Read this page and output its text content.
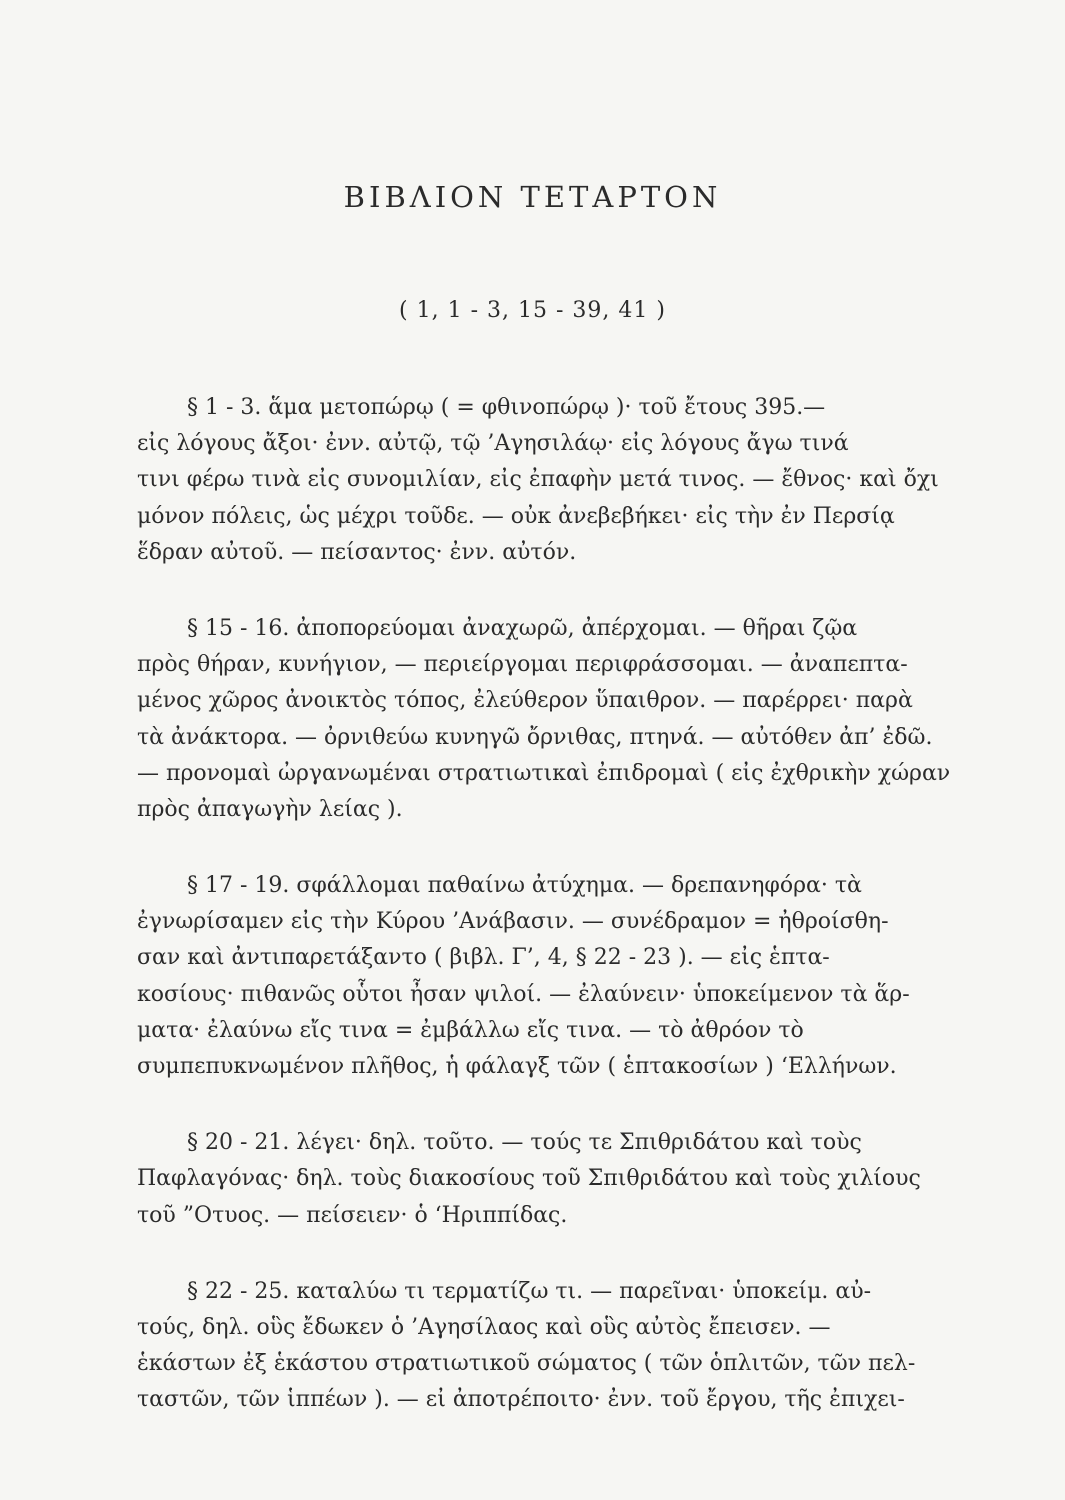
ΒΙΒΛΙΟΝ ΤΕΤΑΡΤΟΝ
( 1, 1 - 3, 15 - 39, 41 )
§ 1 - 3. ἅμα μετοπώρῳ ( = φθινοπώρῳ )· τοῦ ἔτους 395.—
εἰς λόγους ἄξοι· ἐνν. αὐτῷ, τῷ ’Αγησιλάῳ· εἰς λόγους ἄγω τινά
τινι φέρω τινὰ εἰς συνομιλίαν, εἰς ἐπαφὴν μετά τινος. — ἔθνος· καὶ ὄχι
μόνον πόλεις, ὡς μέχρι τοῦδε. — οὐκ ἀνεβεβήκει· εἰς τὴν ἐν Περσίᾳ
ἕδραν αὐτοῦ. — πείσαντος· ἐνν. αὐτόν.
§ 15 - 16. ἀποπορεύομαι ἀναχωρῶ, ἀπέρχομαι. — θῆραι ζῷα
πρὸς θήραν, κυνήγιον, — περιείργομαι περιφράσσομαι. — ἀναπεπτα-
μένος χῶρος ἀνοικτὸς τόπος, ἐλεύθερον ὕπαιθρον. — παρέρρει· παρὰ
τὰ ἀνάκτορα. — ὀρνιθεύω κυνηγῶ ὄρνιθας, πτηνά. — αὐτόθεν ἀπ’ ἐδῶ.
— προνομαὶ ὠργανωμέναι στρατιωτικαὶ ἐπιδρομαὶ ( εἰς ἐχθρικὴν χώραν
πρὸς ἀπαγωγὴν λείας ).
§ 17 - 19. σφάλλομαι παθαίνω ἀτύχημα. — δρεπανηφόρα· τὰ
ἐγνωρίσαμεν εἰς τὴν Κύρου ’Ανάβασιν. — συνέδραμον = ἠθροίσθη-
σαν καὶ ἀντιπαρετάξαντο ( βιβλ. Γ’, 4, § 22 - 23 ). — εἰς ἑπτα-
κοσίους· πιθανῶς οὗτοι ἦσαν ψιλοί. — ἐλαύνειν· ὑποκείμενον τὰ ἅρ-
ματα· ἐλαύνω εἴς τινα = ἐμβάλλω εἴς τινα. — τὸ ἀθρόον τὸ
συμπεπυκνωμένον πλῆθος, ἡ φάλαγξ τῶν ( ἑπτακοσίων ) ‘Ελλήνων.
§ 20 - 21. λέγει· δηλ. τοῦτο. — τούς τε Σπιθριδάτου καὶ τοὺς
Παφλαγόνας· δηλ. τοὺς διακοσίους τοῦ Σπιθριδάτου καὶ τοὺς χιλίους
τοῦ ”Οτυος. — πείσειεν· ὁ ‘Ηριππίδας.
§ 22 - 25. καταλύω τι τερματίζω τι. — παρεῖναι· ὑποκείμ. αὐ-
τούς, δηλ. οὓς ἔδωκεν ὁ ’Αγησίλαος καὶ οὓς αὐτὸς ἔπεισεν. —
ἑκάστων ἐξ ἑκάστου στρατιωτικοῦ σώματος ( τῶν ὁπλιτῶν, τῶν πελ-
ταστῶν, τῶν ἱππέων ). — εἰ ἀποτρέποιτο· ἐνν. τοῦ ἔργου, τῆς ἐπιχει-
